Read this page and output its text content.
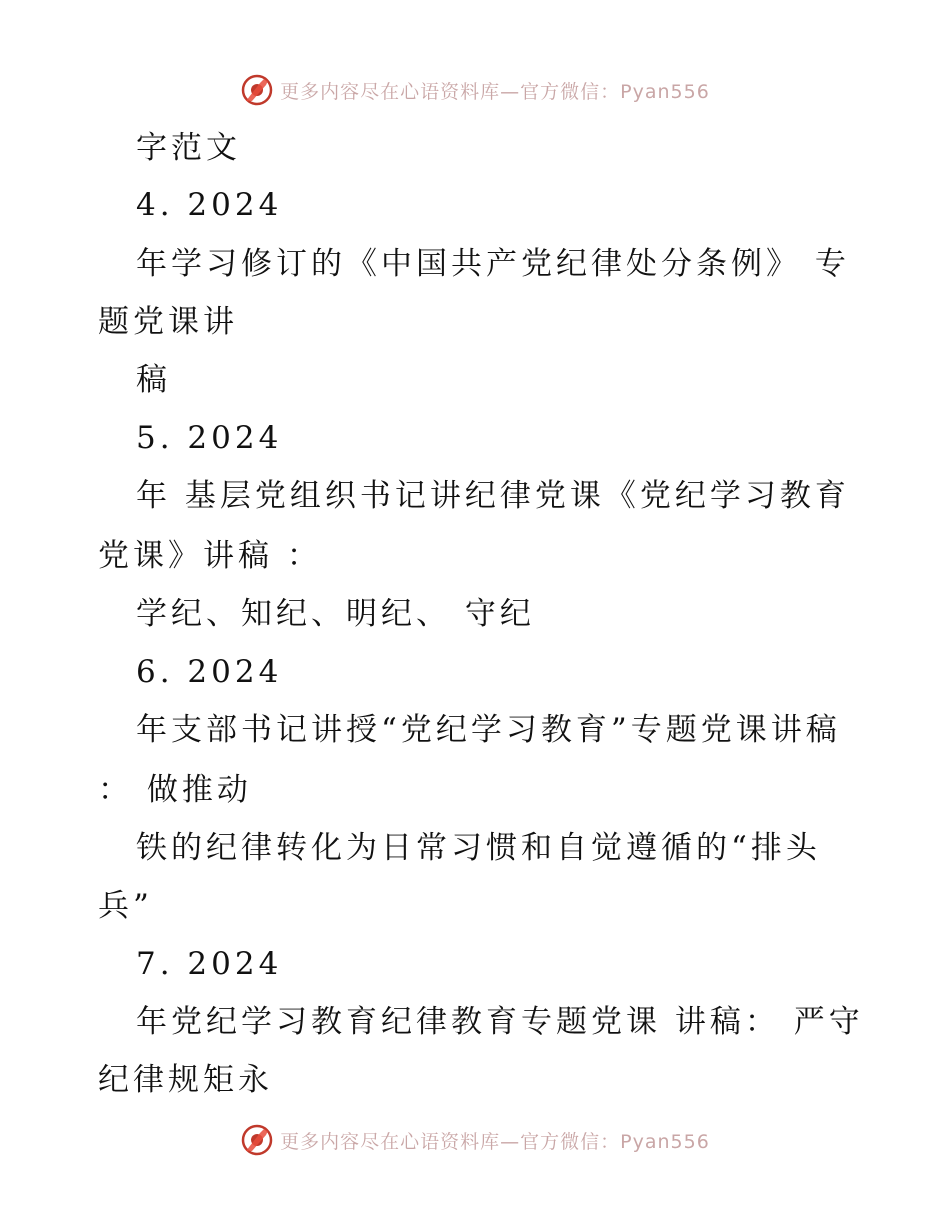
更多内容尽在心语资料库—官方微信：Pyan556
字范文
4. 2024
年学习修订的《中国共产党纪律处分条例》 专
题党课讲
稿
5. 2024
年 基层党组织书记讲纪律党课《党纪学习教育
党课》讲稿 ：
学纪、知纪、明纪、 守纪
6. 2024
年支部书记讲授“党纪学习教育”专题党课讲稿
： 做推动
铁的纪律转化为日常习惯和自觉遵循的“排头
兵”
7. 2024
年党纪学习教育纪律教育专题党课 讲稿： 严守
纪律规矩永
更多内容尽在心语资料库—官方微信：Pyan556
